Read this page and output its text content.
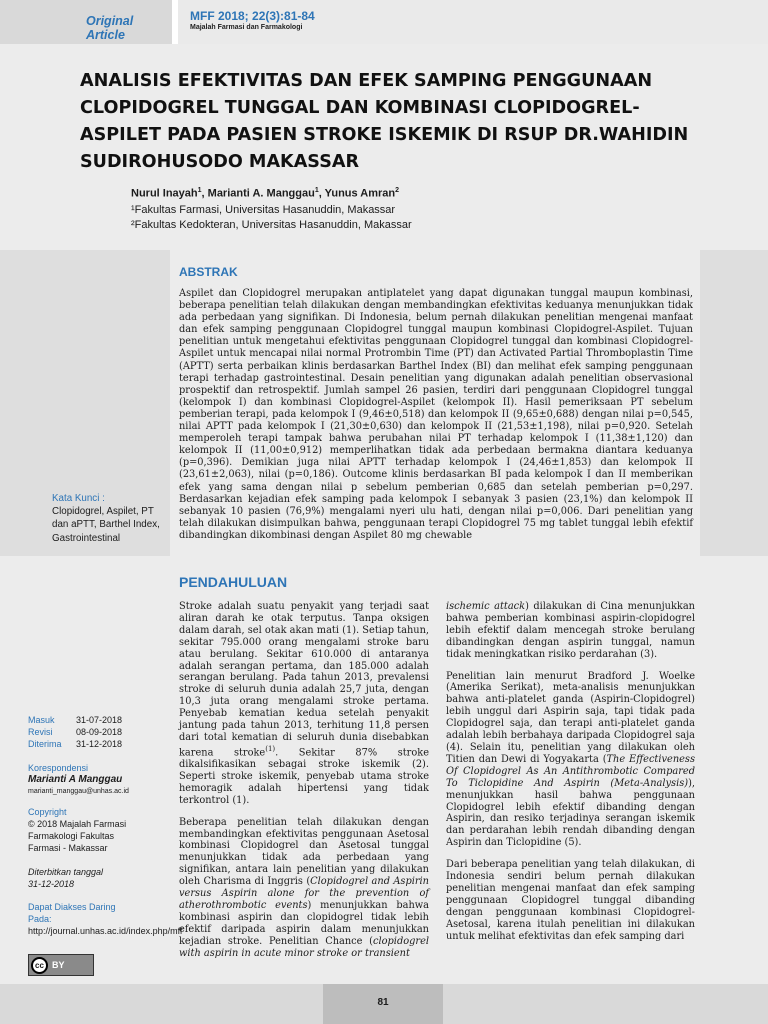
Original Article
MFF 2018; 22(3):81-84
Majalah Farmasi dan Farmakologi
ANALISIS EFEKTIVITAS DAN EFEK SAMPING PENGGUNAAN CLOPIDOGREL TUNGGAL DAN KOMBINASI CLOPIDOGREL-ASPILET PADA PASIEN STROKE ISKEMIK DI RSUP DR.WAHIDIN SUDIROHUSODO MAKASSAR
Nurul Inayah$^1$, Marianti A. Manggau$^1$, Yunus Amran$^2$
¹Fakultas Farmasi, Universitas Hasanuddin, Makassar
²Fakultas Kedokteran, Universitas Hasanuddin, Makassar
ABSTRAK
Aspilet dan Clopidogrel merupakan antiplatelet yang dapat digunakan tunggal maupun kombinasi, beberapa penelitian telah dilakukan dengan membandingkan efektivitas keduanya menunjukkan tidak ada perbedaan yang signifikan. Di Indonesia, belum pernah dilakukan penelitian mengenai manfaat dan efek samping penggunaan Clopidogrel tunggal maupun kombinasi Clopidogrel-Aspilet. Tujuan penelitian untuk mengetahui efektivitas penggunaan Clopidogrel tunggal dan kombinasi Clopidogrel-Aspilet untuk mencapai nilai normal Protrombin Time (PT) dan Activated Partial Thromboplastin Time (APTT) serta perbaikan klinis berdasarkan Barthel Index (BI) dan melihat efek samping penggunaan terapi terhadap gastrointestinal. Desain penelitian yang digunakan adalah penelitian observasional prospektif dan retrospektif. Jumlah sampel 26 pasien, terdiri dari penggunaan Clopidogrel tunggal (kelompok I) dan kombinasi Clopidogrel-Aspilet (kelompok II). Hasil pemeriksaan PT sebelum pemberian terapi, pada kelompok I (9,46±0,518) dan kelompok II (9,65±0,688) dengan nilai p=0,545, nilai APTT pada kelompok I (21,30±0,630) dan kelompok II (21,53±1,198), nilai p=0,920. Setelah memperoleh terapi tampak bahwa perubahan nilai PT terhadap kelompok I (11,38±1,120) dan kelompok II (11,00±0,912) memperlihatkan tidak ada perbedaan bermakna diantara keduanya (p=0,396). Demikian juga nilai APTT terhadap kelompok I (24,46±1,853) dan kelompok II (23,61±2,063), nilai (p=0,186). Outcome klinis berdasarkan BI pada kelompok I dan II memberikan efek yang sama dengan nilai p sebelum pemberian 0,685 dan setelah pemberian p=0,297. Berdasarkan kejadian efek samping pada kelompok I sebanyak 3 pasien (23,1%) dan kelompok II sebanyak 10 pasien (76,9%) mengalami nyeri ulu hati, dengan nilai p=0,006. Dari penelitian yang telah dilakukan disimpulkan bahwa, penggunaan terapi Clopidogrel 75 mg tablet tunggal lebih efektif dibandingkan dikombinasi dengan Aspilet 80 mg chewable
Kata Kunci :
Clopidogrel, Aspilet, PT dan aPTT, Barthel Index, Gastrointestinal
PENDAHULUAN

Stroke adalah suatu penyakit yang terjadi saat aliran darah ke otak terputus. Tanpa oksigen dalam darah, sel otak akan mati (1). Setiap tahun, sekitar 795.000 orang mengalami stroke baru atau berulang. Sekitar 610.000 di antaranya adalah serangan pertama, dan 185.000 adalah serangan berulang. Pada tahun 2013, prevalensi stroke di seluruh dunia adalah 25,7 juta, dengan 10,3 juta orang mengalami stroke pertama. Penyebab kematian kedua setelah penyakit jantung pada tahun 2013, terhitung 11,8 persen dari total kematian di seluruh dunia disebabkan karena stroke$^{(1)}$. Sekitar 87% stroke dikalsifikasikan sebagai stroke iskemik (2). Seperti stroke iskemik, penyebab utama stroke hemoragik adalah hipertensi yang tidak terkontrol (1).

Beberapa penelitian telah dilakukan dengan membandingkan efektivitas penggunaan Asetosal kombinasi Clopidogrel dan Asetosal tunggal menunjukkan tidak ada perbedaan yang signifikan, antara lain penelitian yang dilakukan oleh Charisma di Inggris (Clopidogrel and Aspirin versus Aspirin alone for the prevention of atherothrombotic events) menunjukkan bahwa kombinasi aspirin dan clopidogrel tidak lebih efektif daripada aspirin dalam menunjukkan kejadian stroke. Penelitian Chance (clopidogrel with aspirin in acute minor stroke or transient

ischemic attack) dilakukan di Cina menunjukkan bahwa pemberian kombinasi aspirin-clopidogrel lebih efektif dalam mencegah stroke berulang dibandingkan dengan aspirin tunggal, namun tidak meningkatkan risiko perdarahan (3).

Penelitian lain menurut Bradford J. Woelke (Amerika Serikat), meta-analisis menunjukkan bahwa anti-platelet ganda (Aspirin-Clopidogrel) lebih unggul dari Aspirin saja, tapi tidak pada Clopidogrel saja, dan terapi anti-platelet ganda adalah lebih berbahaya daripada Clopidogrel saja (4). Selain itu, penelitian yang dilakukan oleh Titien dan Dewi di Yogyakarta (The Effectiveness Of Clopidogrel As An Antithrombotic Compared To Ticlopidine And Aspirin (Meta-Analysis)), menunjukkan hasil bahwa penggunaan Clopidogrel lebih efektif dibanding dengan Aspirin, dan resiko terjadinya serangan iskemik dan perdarahan lebih rendah dibanding dengan Aspirin dan Ticlopidine (5).

Dari beberapa penelitian yang telah dilakukan, di Indonesia sendiri belum pernah dilakukan penelitian mengenai manfaat dan efek samping penggunaan Clopidogrel tunggal dibanding dengan penggunaan kombinasi Clopidogrel-Asetosal, karena itulah penelitian ini dilakukan untuk melihat efektivitas dan efek samping dari

Masuk	31-07-2018
Revisi	08-09-2018
Diterima	31-12-2018
Korespondensi
Marianti A Manggau
marianti_manggau@unhas.ac.id
Copyright
© 2018 Majalah Farmasi Farmakologi Fakultas Farmasi - Makassar
Diterbitkan tanggal
31-12-2018
Dapat Diakses Daring Pada:
http://journal.unhas.ac.id/index.php/mff
cc BY
81
